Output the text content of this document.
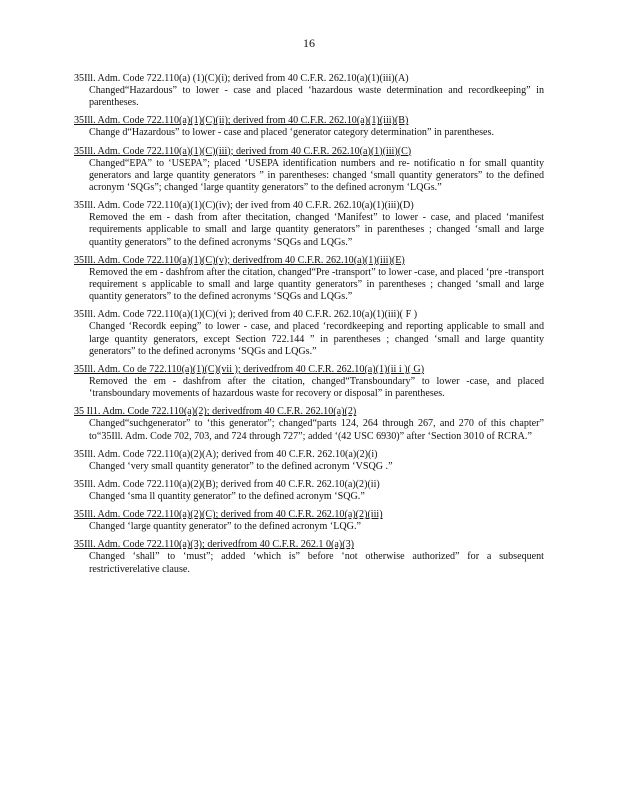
16
35Ill. Adm. Code 722.110(a) (1)(C)(i); derived from 40 C.F.R. 262.10(a)(1)(iii)(A)
Changed“Hazardous” to lower - case and placed ‘hazardous waste determination and recordkeeping” in parentheses.
35Ill. Adm. Code 722.110(a)(1)(C)(ii); derived from 40 C.F.R. 262.10(a)(1)(iii)(B)
Change d“Hazardous” to lower - case and placed ‘generator category determination” in parentheses.
35Ill. Adm. Code 722.110(a)(1)(C)(iii); derived from 40 C.F.R. 262.10(a)(1)(iii)(C)
Changed“EPA” to ‘USEPA”; placed ‘USEPA identification numbers and re- notificatio n for small quantity generators and large quantity generators ” in parentheses: changed ‘small quantity generators” to the defined acronym ‘SQGs”; changed ‘large quantity generators” to the defined acronym ‘LQGs.”
35Ill. Adm. Code 722.110(a)(1)(C)(iv); der ived from 40 C.F.R. 262.10(a)(1)(iii)(D)
Removed the em - dash from after thecitation, changed ‘Manifest” to lower - case, and placed ‘manifest requirements applicable to small and large quantity generators” in parentheses ; changed ‘small and large quantity generators” to the defined acronyms ‘SQGs and LQGs.”
35Ill. Adm. Code 722.110(a)(1)(C)(v); derivedfrom 40 C.F.R. 262.10(a)(1)(iii)(E)
Removed the em - dashfrom after the citation, changed“Pre -transport” to lower -case, and placed ‘pre -transport requirement s applicable to small and large quantity generators” in parentheses ; changed ‘small and large quantity generators” to the defined acronyms ‘SQGs and LQGs.”
35Ill. Adm. Code 722.110(a)(1)(C)(vi ); derived from 40 C.F.R. 262.10(a)(1)(iii)( F )
Changed ‘Recordk eeping” to lower - case, and placed ‘recordkeeping and reporting applicable to small and large quantity generators, except Section 722.144 ” in parentheses ; changed ‘small and large quantity generators” to the defined acronyms ‘SQGs and LQGs.”
35Ill. Adm. Co de 722.110(a)(1)(C)(vii ); derivedfrom 40 C.F.R. 262.10(a)(1)(ii i )( G)
Removed the em - dashfrom after the citation, changed“Transboundary” to lower -case, and placed ‘transboundary movements of hazardous waste for recovery or disposal” in parentheses.
35 Il1. Adm. Code 722.110(a)(2); derivedfrom 40 C.F.R. 262.10(a)(2)
Changed“suchgenerator” to ‘this generator”; changed“parts 124, 264 through 267, and 270 of this chapter” to“35Ill. Adm. Code 702, 703, and 724 through 727”; added ‘(42 USC 6930)” after ‘Section 3010 of RCRA.”
35Ill. Adm. Code 722.110(a)(2)(A); derived from 40 C.F.R. 262.10(a)(2)(i)
Changed ‘very small quantity generator” to the defined acronym ‘VSQG .”
35Ill. Adm. Code 722.110(a)(2)(B); derived from 40 C.F.R. 262.10(a)(2)(ii)
Changed ‘sma ll quantity generator” to the defined acronym ‘SQG.”
35Ill. Adm. Code 722.110(a)(2)(C); derived from 40 C.F.R. 262.10(a)(2)(iii)
Changed ‘large quantity generator” to the defined acronym ‘LQG.”
35Ill. Adm. Code 722.110(a)(3); derivedfrom 40 C.F.R. 262.1 0(a)(3)
Changed ‘shall” to ‘must”; added ‘which is” before ‘not otherwise authorized” for a subsequent restrictiverelative clause.
